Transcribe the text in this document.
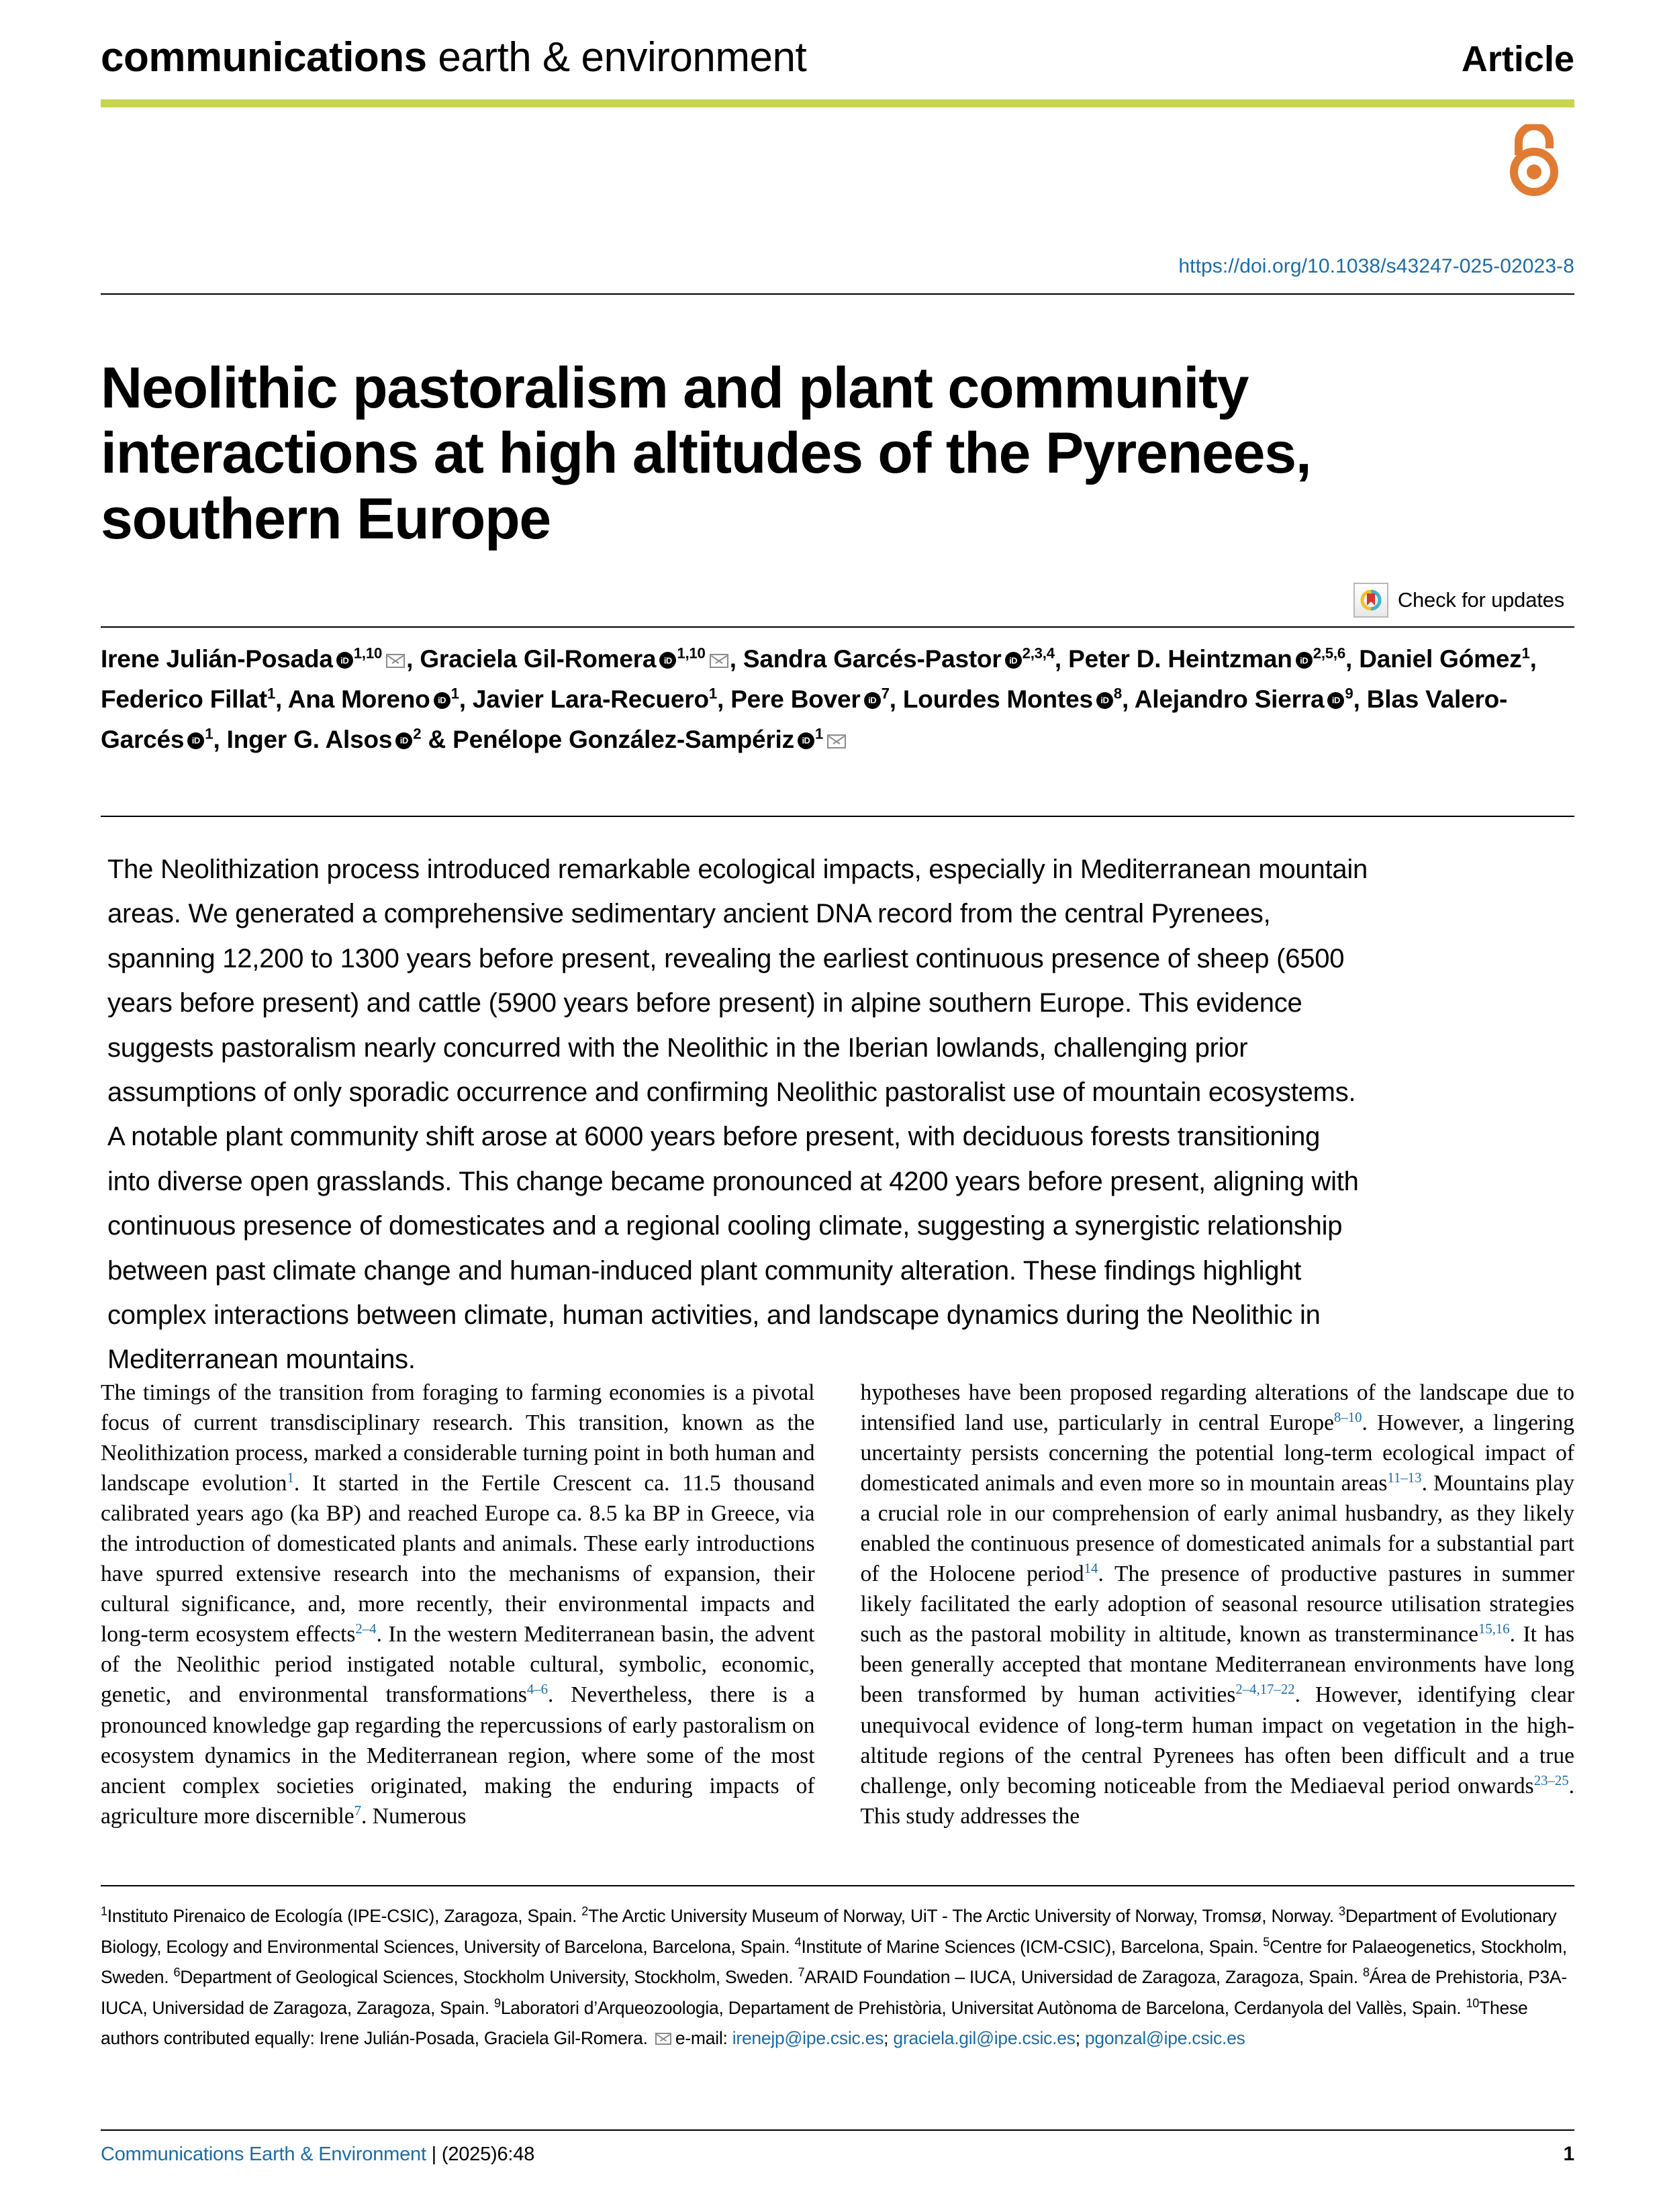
communications earth & environment	Article
https://doi.org/10.1038/s43247-025-02023-8
Neolithic pastoralism and plant community interactions at high altitudes of the Pyrenees, southern Europe
Check for updates
Irene Julián-Posada iD $^{1,10}$ , Graciela Gil-Romera iD $^{1,10}$ , Sandra Garcés-Pastor iD $^{2,3,4}$, Peter D. Heintzman iD $^{2,5,6}$, Daniel Gómez$^1$, Federico Fillat$^1$, Ana Moreno iD $^1$, Javier Lara-Recuero$^1$, Pere Bover iD $^7$, Lourdes Montes iD $^8$, Alejandro Sierra iD $^9$, Blas Valero-Garcés iD $^1$, Inger G. Alsos iD $^2$ & Penélope González-Sampériz iD $^1$
The Neolithization process introduced remarkable ecological impacts, especially in Mediterranean mountain areas. We generated a comprehensive sedimentary ancient DNA record from the central Pyrenees, spanning 12,200 to 1300 years before present, revealing the earliest continuous presence of sheep (6500 years before present) and cattle (5900 years before present) in alpine southern Europe. This evidence suggests pastoralism nearly concurred with the Neolithic in the Iberian lowlands, challenging prior assumptions of only sporadic occurrence and confirming Neolithic pastoralist use of mountain ecosystems. A notable plant community shift arose at 6000 years before present, with deciduous forests transitioning into diverse open grasslands. This change became pronounced at 4200 years before present, aligning with continuous presence of domesticates and a regional cooling climate, suggesting a synergistic relationship between past climate change and human-induced plant community alteration. These findings highlight complex interactions between climate, human activities, and landscape dynamics during the Neolithic in Mediterranean mountains.
The timings of the transition from foraging to farming economies is a pivotal focus of current transdisciplinary research. This transition, known as the Neolithization process, marked a considerable turning point in both human and landscape evolution$^1$. It started in the Fertile Crescent ca. 11.5 thousand calibrated years ago (ka BP) and reached Europe ca. 8.5 ka BP in Greece, via the introduction of domesticated plants and animals. These early introductions have spurred extensive research into the mechanisms of expansion, their cultural significance, and, more recently, their environmental impacts and long-term ecosystem effects$^{2-4}$. In the western Mediterranean basin, the advent of the Neolithic period instigated notable cultural, symbolic, economic, genetic, and environmental transformations$^{4-6}$. Nevertheless, there is a pronounced knowledge gap regarding the repercussions of early pastoralism on ecosystem dynamics in the Mediterranean region, where some of the most ancient complex societies originated, making the enduring impacts of agriculture more discernible$^7$. Numerous
hypotheses have been proposed regarding alterations of the landscape due to intensified land use, particularly in central Europe$^{8-10}$. However, a lingering uncertainty persists concerning the potential long-term ecological impact of domesticated animals and even more so in mountain areas$^{11-13}$. Mountains play a crucial role in our comprehension of early animal husbandry, as they likely enabled the continuous presence of domesticated animals for a substantial part of the Holocene period$^{14}$. The presence of productive pastures in summer likely facilitated the early adoption of seasonal resource utilisation strategies such as the pastoral mobility in altitude, known as transterminance$^{15,16}$. It has been generally accepted that montane Mediterranean environments have long been transformed by human activities$^{2-4,17-22}$. However, identifying clear unequivocal evidence of long-term human impact on vegetation in the high-altitude regions of the central Pyrenees has often been difficult and a true challenge, only becoming noticeable from the Mediaeval period onwards$^{23-25}$. This study addresses the
$^1$Instituto Pirenaico de Ecología (IPE-CSIC), Zaragoza, Spain. $^2$The Arctic University Museum of Norway, UiT - The Arctic University of Norway, Tromsø, Norway. $^3$Department of Evolutionary Biology, Ecology and Environmental Sciences, University of Barcelona, Barcelona, Spain. $^4$Institute of Marine Sciences (ICM-CSIC), Barcelona, Spain. $^5$Centre for Palaeogenetics, Stockholm, Sweden. $^6$Department of Geological Sciences, Stockholm University, Stockholm, Sweden. $^7$ARAID Foundation – IUCA, Universidad de Zaragoza, Zaragoza, Spain. $^8$Área de Prehistoria, P3A- IUCA, Universidad de Zaragoza, Zaragoza, Spain. $^9$Laboratori d’Arqueozoologia, Departament de Prehistòria, Universitat Autònoma de Barcelona, Cerdanyola del Vallès, Spain. $^{10}$These authors contributed equally: Irene Julián-Posada, Graciela Gil-Romera. e-mail: irenejp@ipe.csic.es; graciela.gil@ipe.csic.es; pgonzal@ipe.csic.es
Communications Earth & Environment | (2025)6:48	1
